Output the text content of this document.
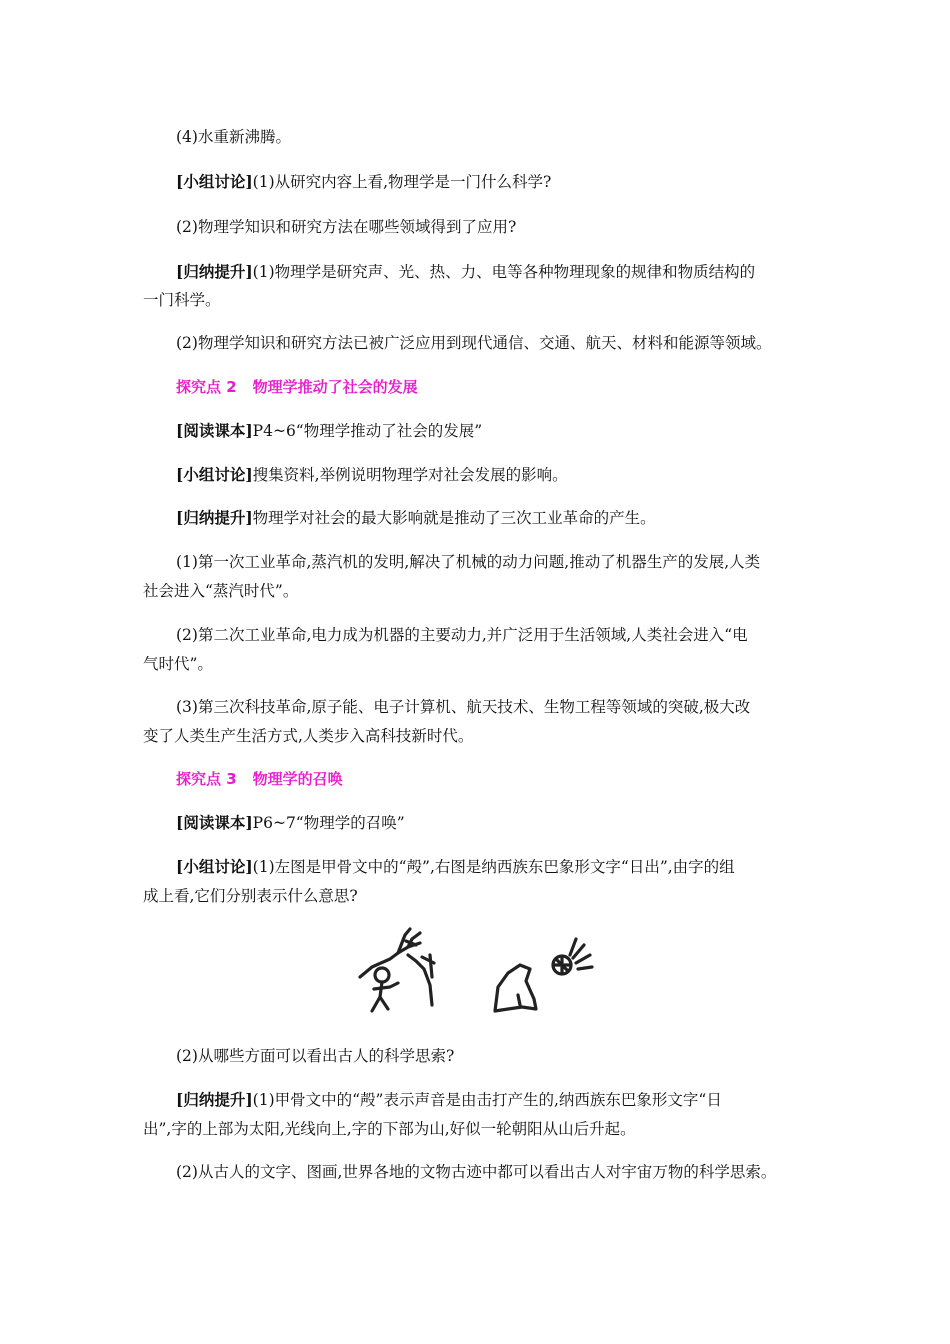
(4)水重新沸腾。

[小组讨论](1)从研究内容上看,物理学是一门什么科学?

(2)物理学知识和研究方法在哪些领域得到了应用?

[归纳提升](1)物理学是研究声、光、热、力、电等各种物理现象的规律和物质结构的

一门科学。

(2)物理学知识和研究方法已被广泛应用到现代通信、交通、航天、材料和能源等领域。

探究点 2 物理学推动了社会的发展

[阅读课本]P4~6“物理学推动了社会的发展”

[小组讨论]搜集资料,举例说明物理学对社会发展的影响。

[归纳提升]物理学对社会的最大影响就是推动了三次工业革命的产生。

(1)第一次工业革命,蒸汽机的发明,解决了机械的动力问题,推动了机器生产的发展,人类

社会进入“蒸汽时代”。

(2)第二次工业革命,电力成为机器的主要动力,并广泛用于生活领域,人类社会进入“电

气时代”。

(3)第三次科技革命,原子能、电子计算机、航天技术、生物工程等领域的突破,极大改

变了人类生产生活方式,人类步入高科技新时代。

探究点 3 物理学的召唤

[阅读课本]P6~7“物理学的召唤”

[小组讨论](1)左图是甲骨文中的“殸”,右图是纳西族东巴象形文字“日出”,由字的组

成上看,它们分别表示什么意思?

(2)从哪些方面可以看出古人的科学思索?

[归纳提升](1)甲骨文中的“殸”表示声音是由击打产生的,纳西族东巴象形文字“日

出”,字的上部为太阳,光线向上,字的下部为山,好似一轮朝阳从山后升起。

(2)从古人的文字、图画,世界各地的文物古迹中都可以看出古人对宇宙万物的科学思索。
